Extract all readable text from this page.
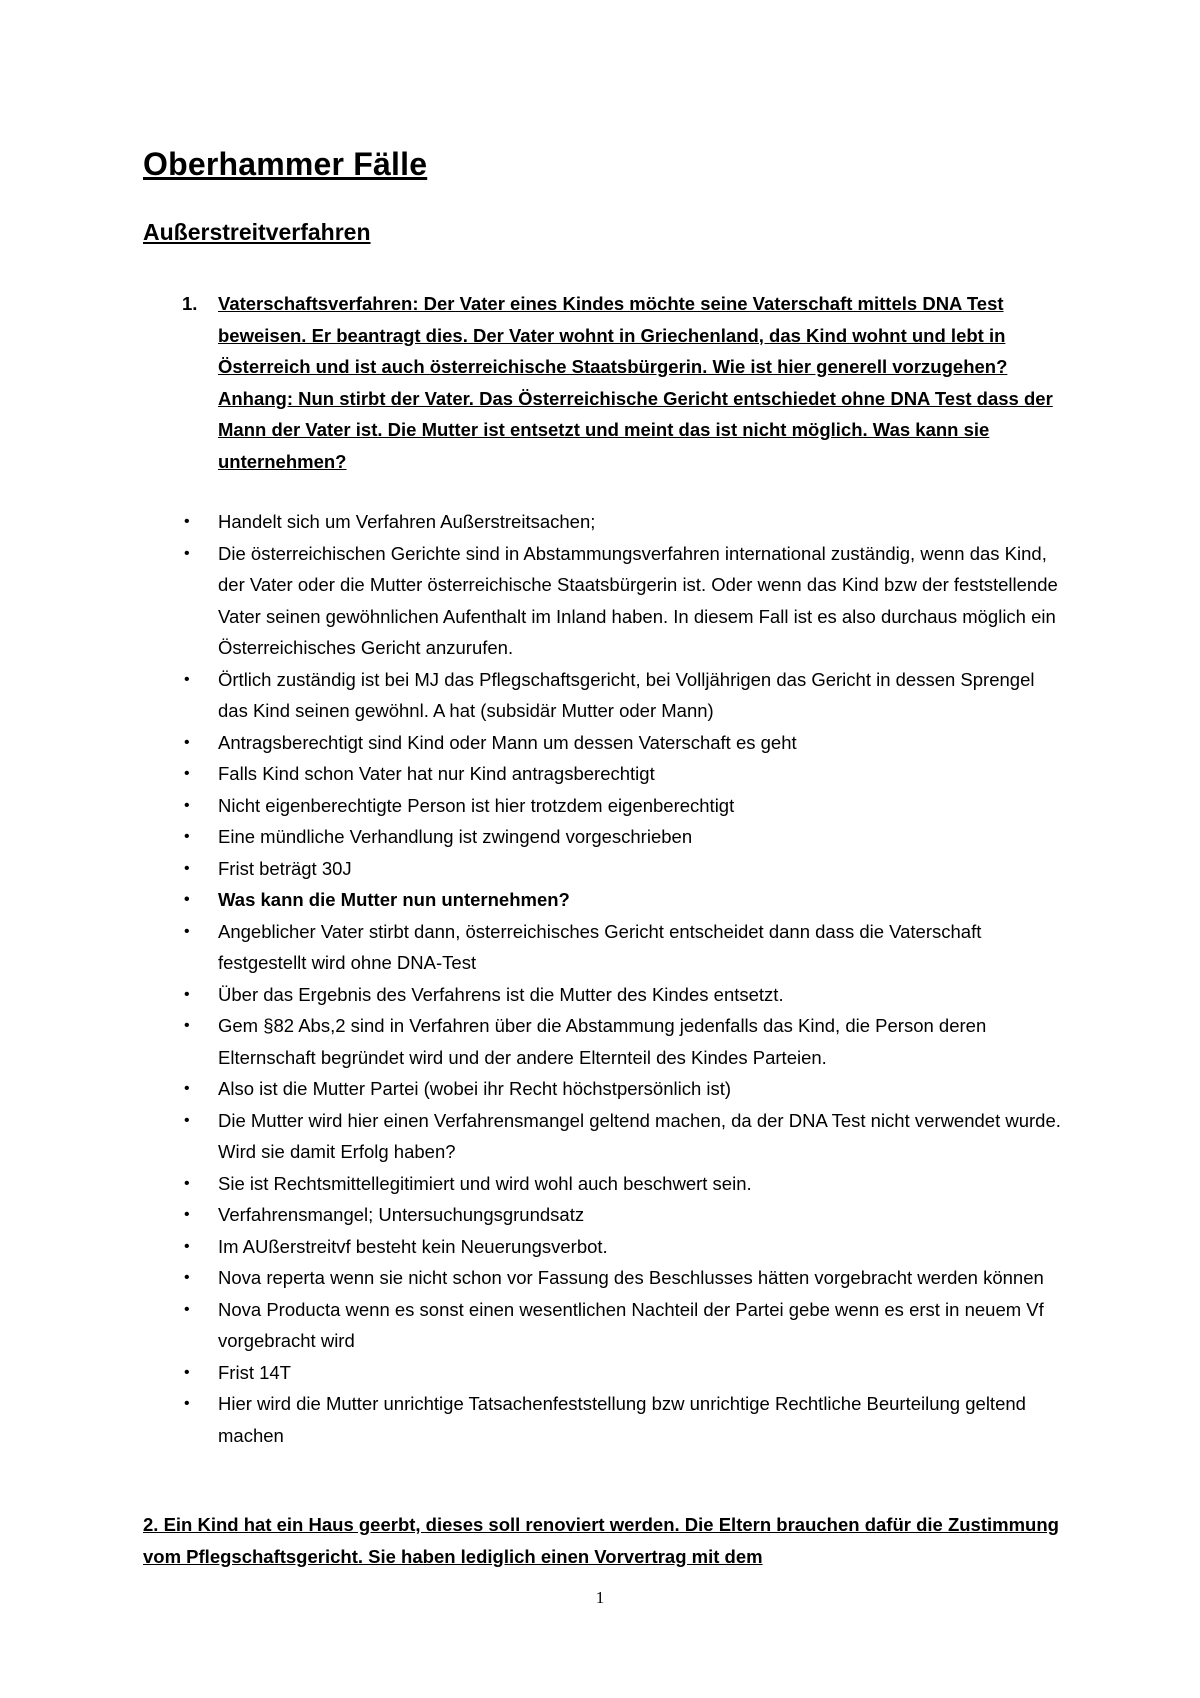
Oberhammer Fälle
Außerstreitverfahren
1. Vaterschaftsverfahren: Der Vater eines Kindes möchte seine Vaterschaft mittels DNA Test beweisen. Er beantragt dies. Der Vater wohnt in Griechenland, das Kind wohnt und lebt in Österreich und ist auch österreichische Staatsbürgerin. Wie ist hier generell vorzugehen? Anhang: Nun stirbt der Vater. Das Österreichische Gericht entschiedet ohne DNA Test dass der Mann der Vater ist. Die Mutter ist entsetzt und meint das ist nicht möglich. Was kann sie unternehmen?
• Handelt sich um Verfahren Außerstreitsachen;
• Die österreichischen Gerichte sind in Abstammungsverfahren international zuständig, wenn das Kind, der Vater oder die Mutter österreichische Staatsbürgerin ist. Oder wenn das Kind bzw der feststellende Vater seinen gewöhnlichen Aufenthalt im Inland haben. In diesem Fall ist es also durchaus möglich ein Österreichisches Gericht anzurufen.
• Örtlich zuständig ist bei MJ das Pflegschaftsgericht, bei Volljährigen das Gericht in dessen Sprengel das Kind seinen gewöhnl. A hat (subsidär Mutter oder Mann)
• Antragsberechtigt sind Kind oder Mann um dessen Vaterschaft es geht
• Falls Kind schon Vater hat nur Kind antragsberechtigt
• Nicht eigenberechtigte Person ist hier trotzdem eigenberechtigt
• Eine mündliche Verhandlung ist zwingend vorgeschrieben
• Frist beträgt 30J
• Was kann die Mutter nun unternehmen?
• Angeblicher Vater stirbt dann, österreichisches Gericht entscheidet dann dass die Vaterschaft festgestellt wird ohne DNA-Test
• Über das Ergebnis des Verfahrens ist die Mutter des Kindes entsetzt.
• Gem §82 Abs,2 sind in Verfahren über die Abstammung jedenfalls das Kind, die Person deren Elternschaft begründet wird und der andere Elternteil des Kindes Parteien.
• Also ist die Mutter Partei (wobei ihr Recht höchstpersönlich ist)
• Die Mutter wird hier einen Verfahrensmangel geltend machen, da der DNA Test nicht verwendet wurde. Wird sie damit Erfolg haben?
• Sie ist Rechtsmittellegitimiert und wird wohl auch beschwert sein.
• Verfahrensmangel; Untersuchungsgrundsatz
• Im AUßerstreitvf besteht kein Neuerungsverbot.
• Nova reperta wenn sie nicht schon vor Fassung des Beschlusses hätten vorgebracht werden können
• Nova Producta wenn es sonst einen wesentlichen Nachteil der Partei gebe wenn es erst in neuem Vf vorgebracht wird
• Frist 14T
• Hier wird die Mutter unrichtige Tatsachenfeststellung bzw unrichtige Rechtliche Beurteilung geltend machen

2. Ein Kind hat ein Haus geerbt, dieses soll renoviert werden. Die Eltern brauchen dafür die Zustimmung vom Pflegschaftsgericht. Sie haben lediglich einen Vorvertrag mit dem

1
